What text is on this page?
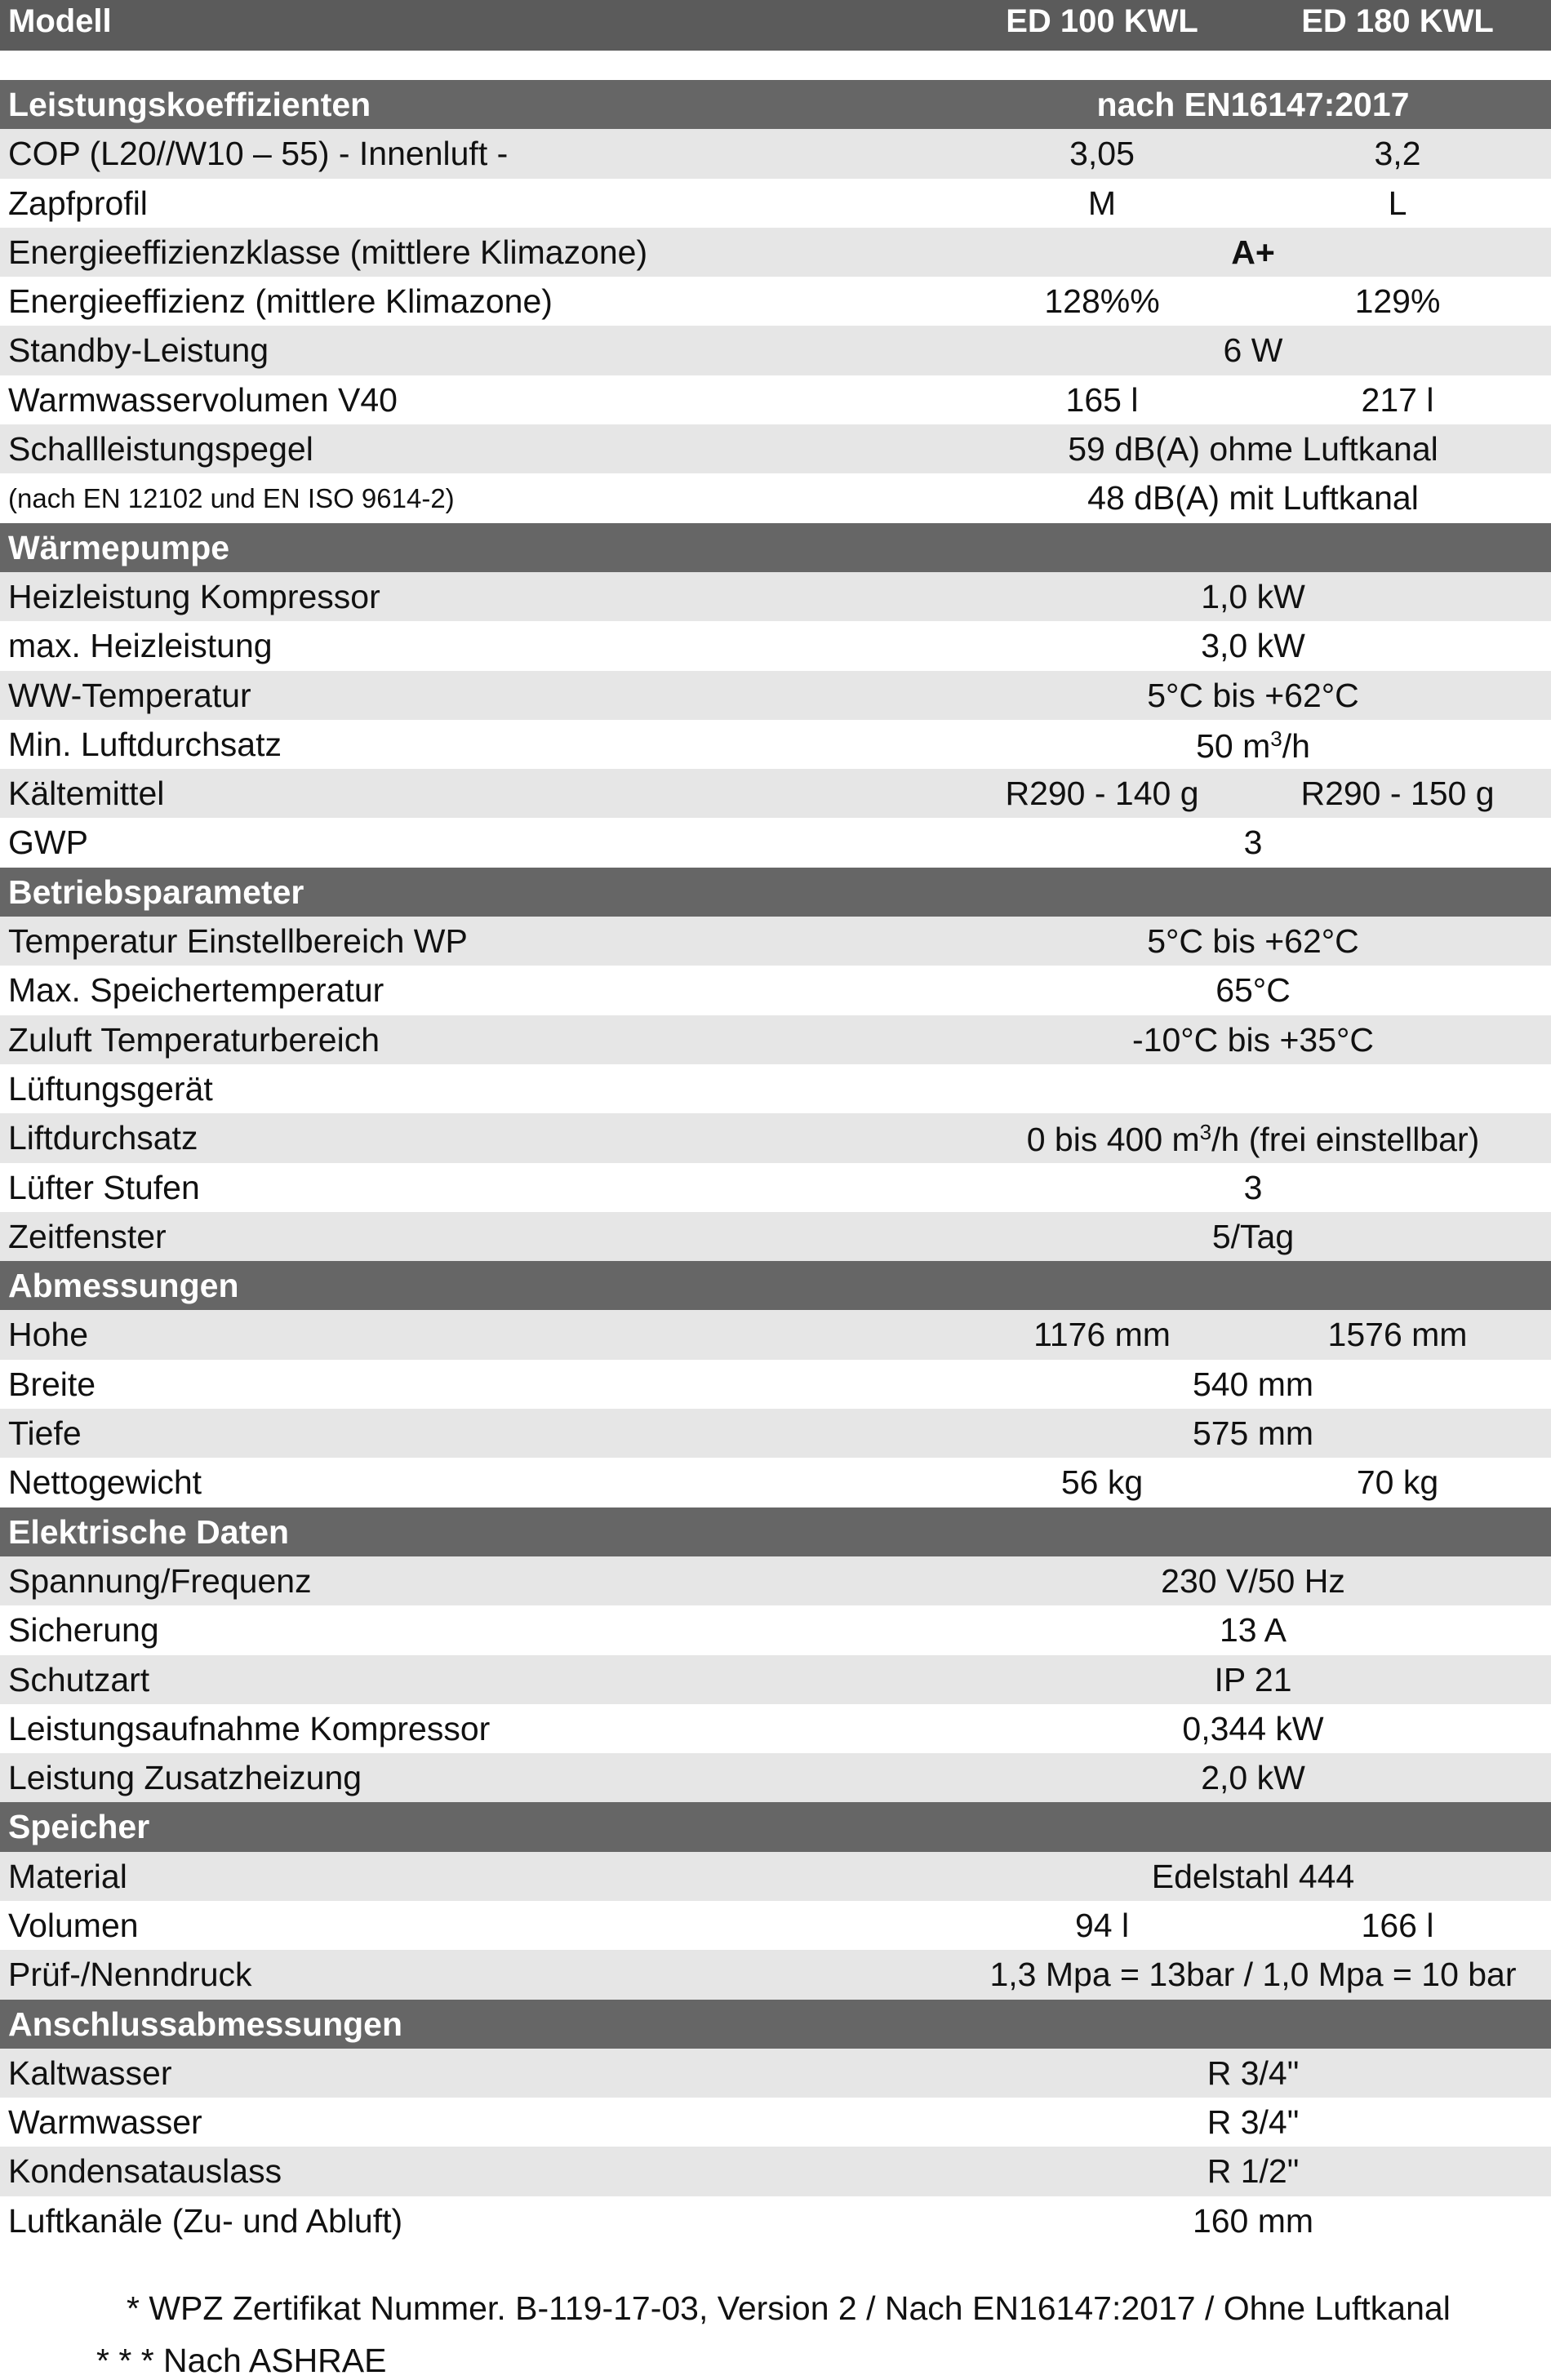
Modell	ED 100 KWL	ED 180 KWL
Leistungskoeffizienten	nach EN16147:2017
COP (L20//W10 – 55) - Innenluft -	3,05	3,2
Zapfprofil	M	L
Energieeffizienzklasse (mittlere Klimazone)	A+
Energieeffizienz (mittlere Klimazone)	128%%	129%
Standby-Leistung	6 W
Warmwasservolumen V40	165 l	217 l
Schallleistungspegel	59 dB(A) ohme Luftkanal
(nach EN 12102 und EN ISO 9614-2)	48 dB(A) mit Luftkanal
Wärmepumpe
Heizleistung Kompressor	1,0 kW
max. Heizleistung	3,0 kW
WW-Temperatur	5°C bis +62°C
Min. Luftdurchsatz	50 $m^3/h$
Kältemittel	R290 - 140 g	R290 - 150 g
GWP	3
Betriebsparameter
Temperatur Einstellbereich WP	5°C bis +62°C
Max. Speichertemperatur	65°C
Zuluft Temperaturbereich	-10°C bis +35°C
Lüftungsgerät
Liftdurchsatz	0 bis 400 $m^3/h$ (frei einstellbar)
Lüfter Stufen	3
Zeitfenster	5/Tag
Abmessungen
Hohe	1176 mm	1576 mm
Breite	540 mm
Tiefe	575 mm
Nettogewicht	56 kg	70 kg
Elektrische Daten
Spannung/Frequenz	230 V/50 Hz
Sicherung	13 A
Schutzart	IP 21
Leistungsaufnahme Kompressor	0,344 kW
Leistung Zusatzheizung	2,0 kW
Speicher
Material	Edelstahl 444
Volumen	94 l	166 l
Prüf-/Nenndruck	1,3 Mpa = 13bar / 1,0 Mpa = 10 bar
Anschlussabmessungen
Kaltwasser	R 3/4"
Warmwasser	R 3/4"
Kondensatauslass	R 1/2"
Luftkanäle (Zu- und Abluft)	160 mm
* WPZ Zertifikat Nummer. B-119-17-03, Version 2 / Nach EN16147:2017 / Ohne Luftkanal
* * * Nach ASHRAE
